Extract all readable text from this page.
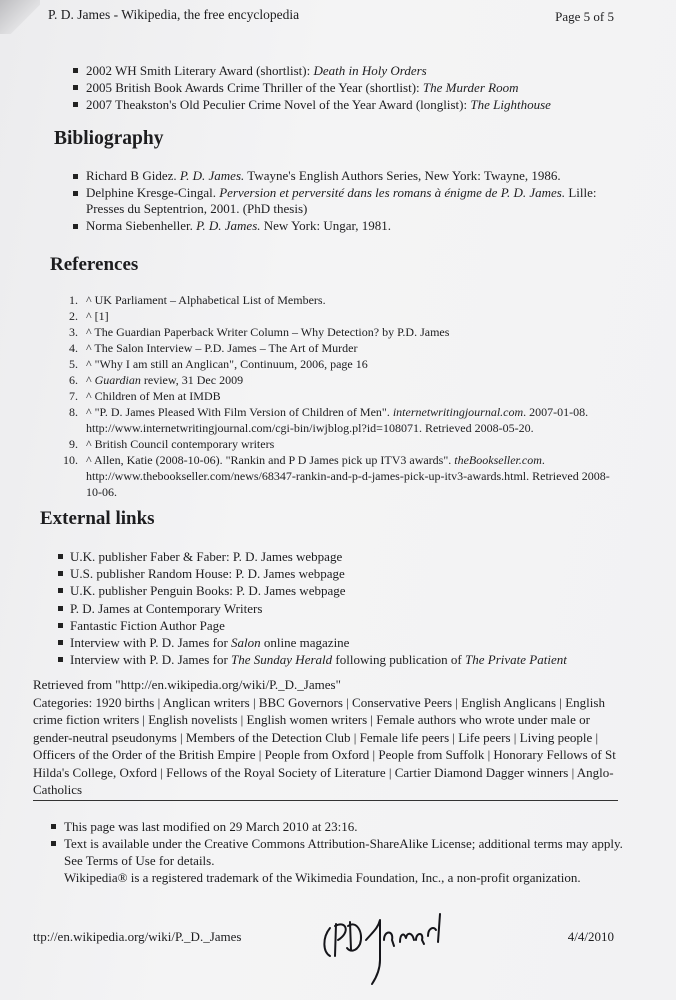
P. D. James - Wikipedia, the free encyclopedia	Page 5 of 5
2002 WH Smith Literary Award (shortlist): Death in Holy Orders
2005 British Book Awards Crime Thriller of the Year (shortlist): The Murder Room
2007 Theakston's Old Peculier Crime Novel of the Year Award (longlist): The Lighthouse
Bibliography
Richard B Gidez. P. D. James. Twayne's English Authors Series, New York: Twayne, 1986.
Delphine Kresge-Cingal. Perversion et perversité dans les romans à énigme de P. D. James. Lille: Presses du Septentrion, 2001. (PhD thesis)
Norma Siebenheller. P. D. James. New York: Ungar, 1981.
References
1. ^ UK Parliament – Alphabetical List of Members.
2. ^ [1]
3. ^ The Guardian Paperback Writer Column – Why Detection? by P.D. James
4. ^ The Salon Interview – P.D. James – The Art of Murder
5. ^ "Why I am still an Anglican", Continuum, 2006, page 16
6. ^ Guardian review, 31 Dec 2009
7. ^ Children of Men at IMDB
8. ^ "P. D. James Pleased With Film Version of Children of Men". internetwritingjournal.com. 2007-01-08. http://www.internetwritingjournal.com/cgi-bin/iwjblog.pl?id=108071. Retrieved 2008-05-20.
9. ^ British Council contemporary writers
10. ^ Allen, Katie (2008-10-06). "Rankin and P D James pick up ITV3 awards". theBookseller.com. http://www.thebookseller.com/news/68347-rankin-and-p-d-james-pick-up-itv3-awards.html. Retrieved 2008-10-06.
External links
U.K. publisher Faber & Faber: P. D. James webpage
U.S. publisher Random House: P. D. James webpage
U.K. publisher Penguin Books: P. D. James webpage
P. D. James at Contemporary Writers
Fantastic Fiction Author Page
Interview with P. D. James for Salon online magazine
Interview with P. D. James for The Sunday Herald following publication of The Private Patient
Retrieved from "http://en.wikipedia.org/wiki/P._D._James"
Categories: 1920 births | Anglican writers | BBC Governors | Conservative Peers | English Anglicans | English crime fiction writers | English novelists | English women writers | Female authors who wrote under male or gender-neutral pseudonyms | Members of the Detection Club | Female life peers | Life peers | Living people | Officers of the Order of the British Empire | People from Oxford | People from Suffolk | Honorary Fellows of St Hilda's College, Oxford | Fellows of the Royal Society of Literature | Cartier Diamond Dagger winners | Anglo-Catholics
This page was last modified on 29 March 2010 at 23:16.
Text is available under the Creative Commons Attribution-ShareAlike License; additional terms may apply. See Terms of Use for details.
Wikipedia® is a registered trademark of the Wikimedia Foundation, Inc., a non-profit organization.
ttp://en.wikipedia.org/wiki/P._D._James	4/4/2010
